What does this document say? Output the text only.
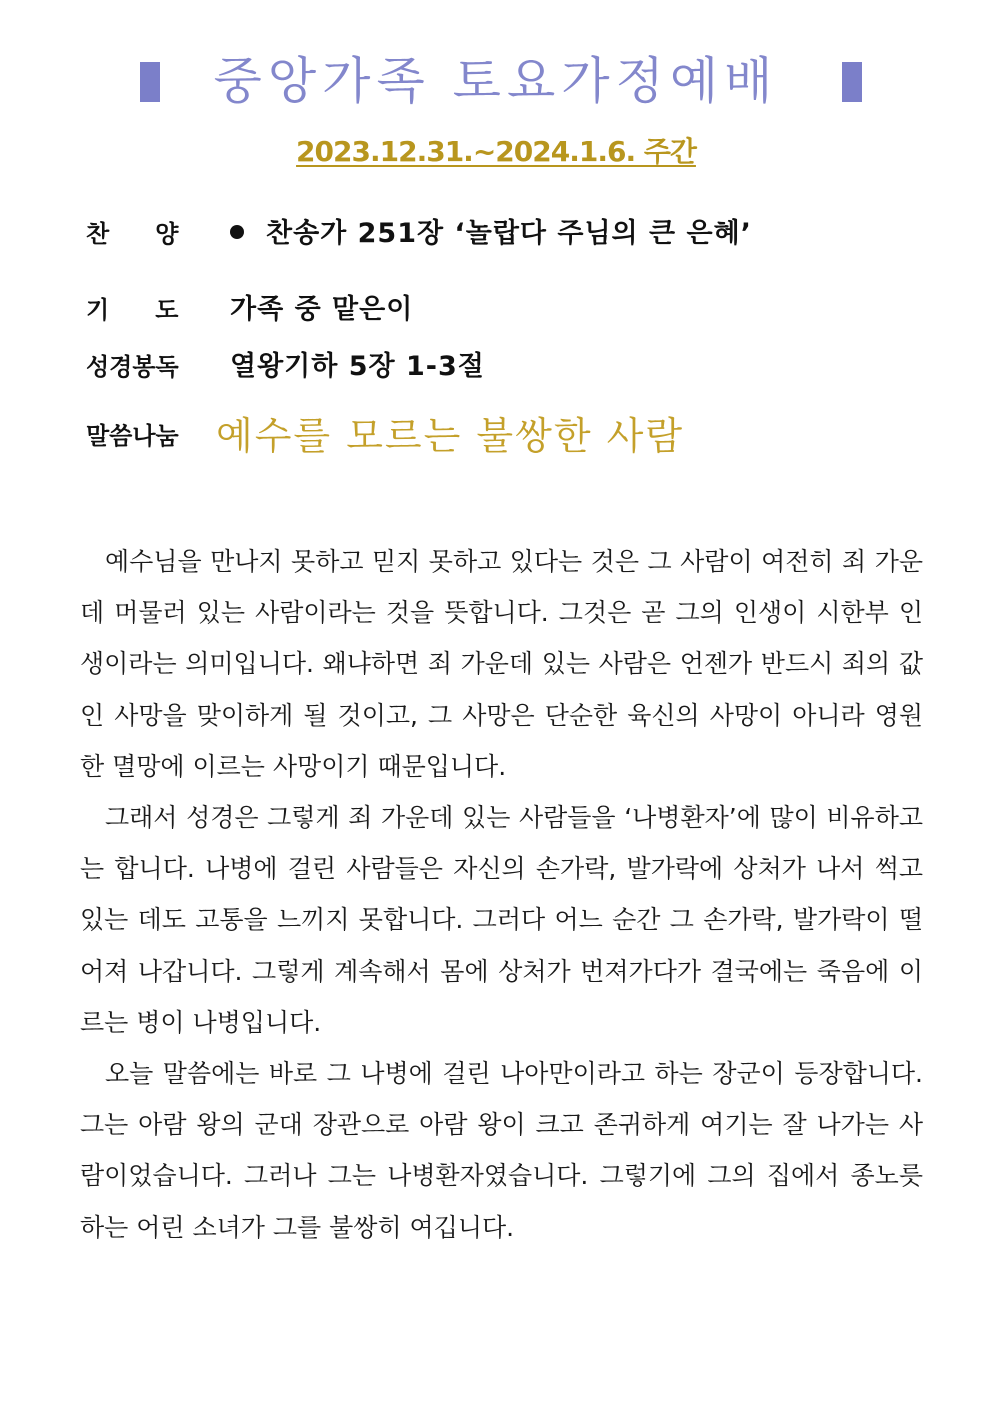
중앙가족 토요가정예배
2023.12.31.~2024.1.6. 주간
찬 양	찬송가 251장 ‘놀랍다 주님의 큰 은혜’
기 도 가족 중 맡은이
성경봉독 열왕기하 5장 1-3절
말씀나눔 예수를 모르는 불쌍한 사람

예수님을 만나지 못하고 믿지 못하고 있다는 것은 그 사람이 여전히 죄 가운데 머물러 있는 사람이라는 것을 뜻합니다. 그것은 곧 그의 인생이 시한부 인생이라는 의미입니다. 왜냐하면 죄 가운데 있는 사람은 언젠가 반드시 죄의 값인 사망을 맞이하게 될 것이고, 그 사망은 단순한 육신의 사망이 아니라 영원한 멸망에 이르는 사망이기 때문입니다.

그래서 성경은 그렇게 죄 가운데 있는 사람들을 ‘나병환자’에 많이 비유하고는 합니다. 나병에 걸린 사람들은 자신의 손가락, 발가락에 상처가 나서 썩고 있는 데도 고통을 느끼지 못합니다. 그러다 어느 순간 그 손가락, 발가락이 떨어져 나갑니다. 그렇게 계속해서 몸에 상처가 번져가다가 결국에는 죽음에 이르는 병이 나병입니다.

오늘 말씀에는 바로 그 나병에 걸린 나아만이라고 하는 장군이 등장합니다. 그는 아람 왕의 군대 장관으로 아람 왕이 크고 존귀하게 여기는 잘 나가는 사람이었습니다. 그러나 그는 나병환자였습니다. 그렇기에 그의 집에서 종노릇 하는 어린 소녀가 그를 불쌍히 여깁니다.
